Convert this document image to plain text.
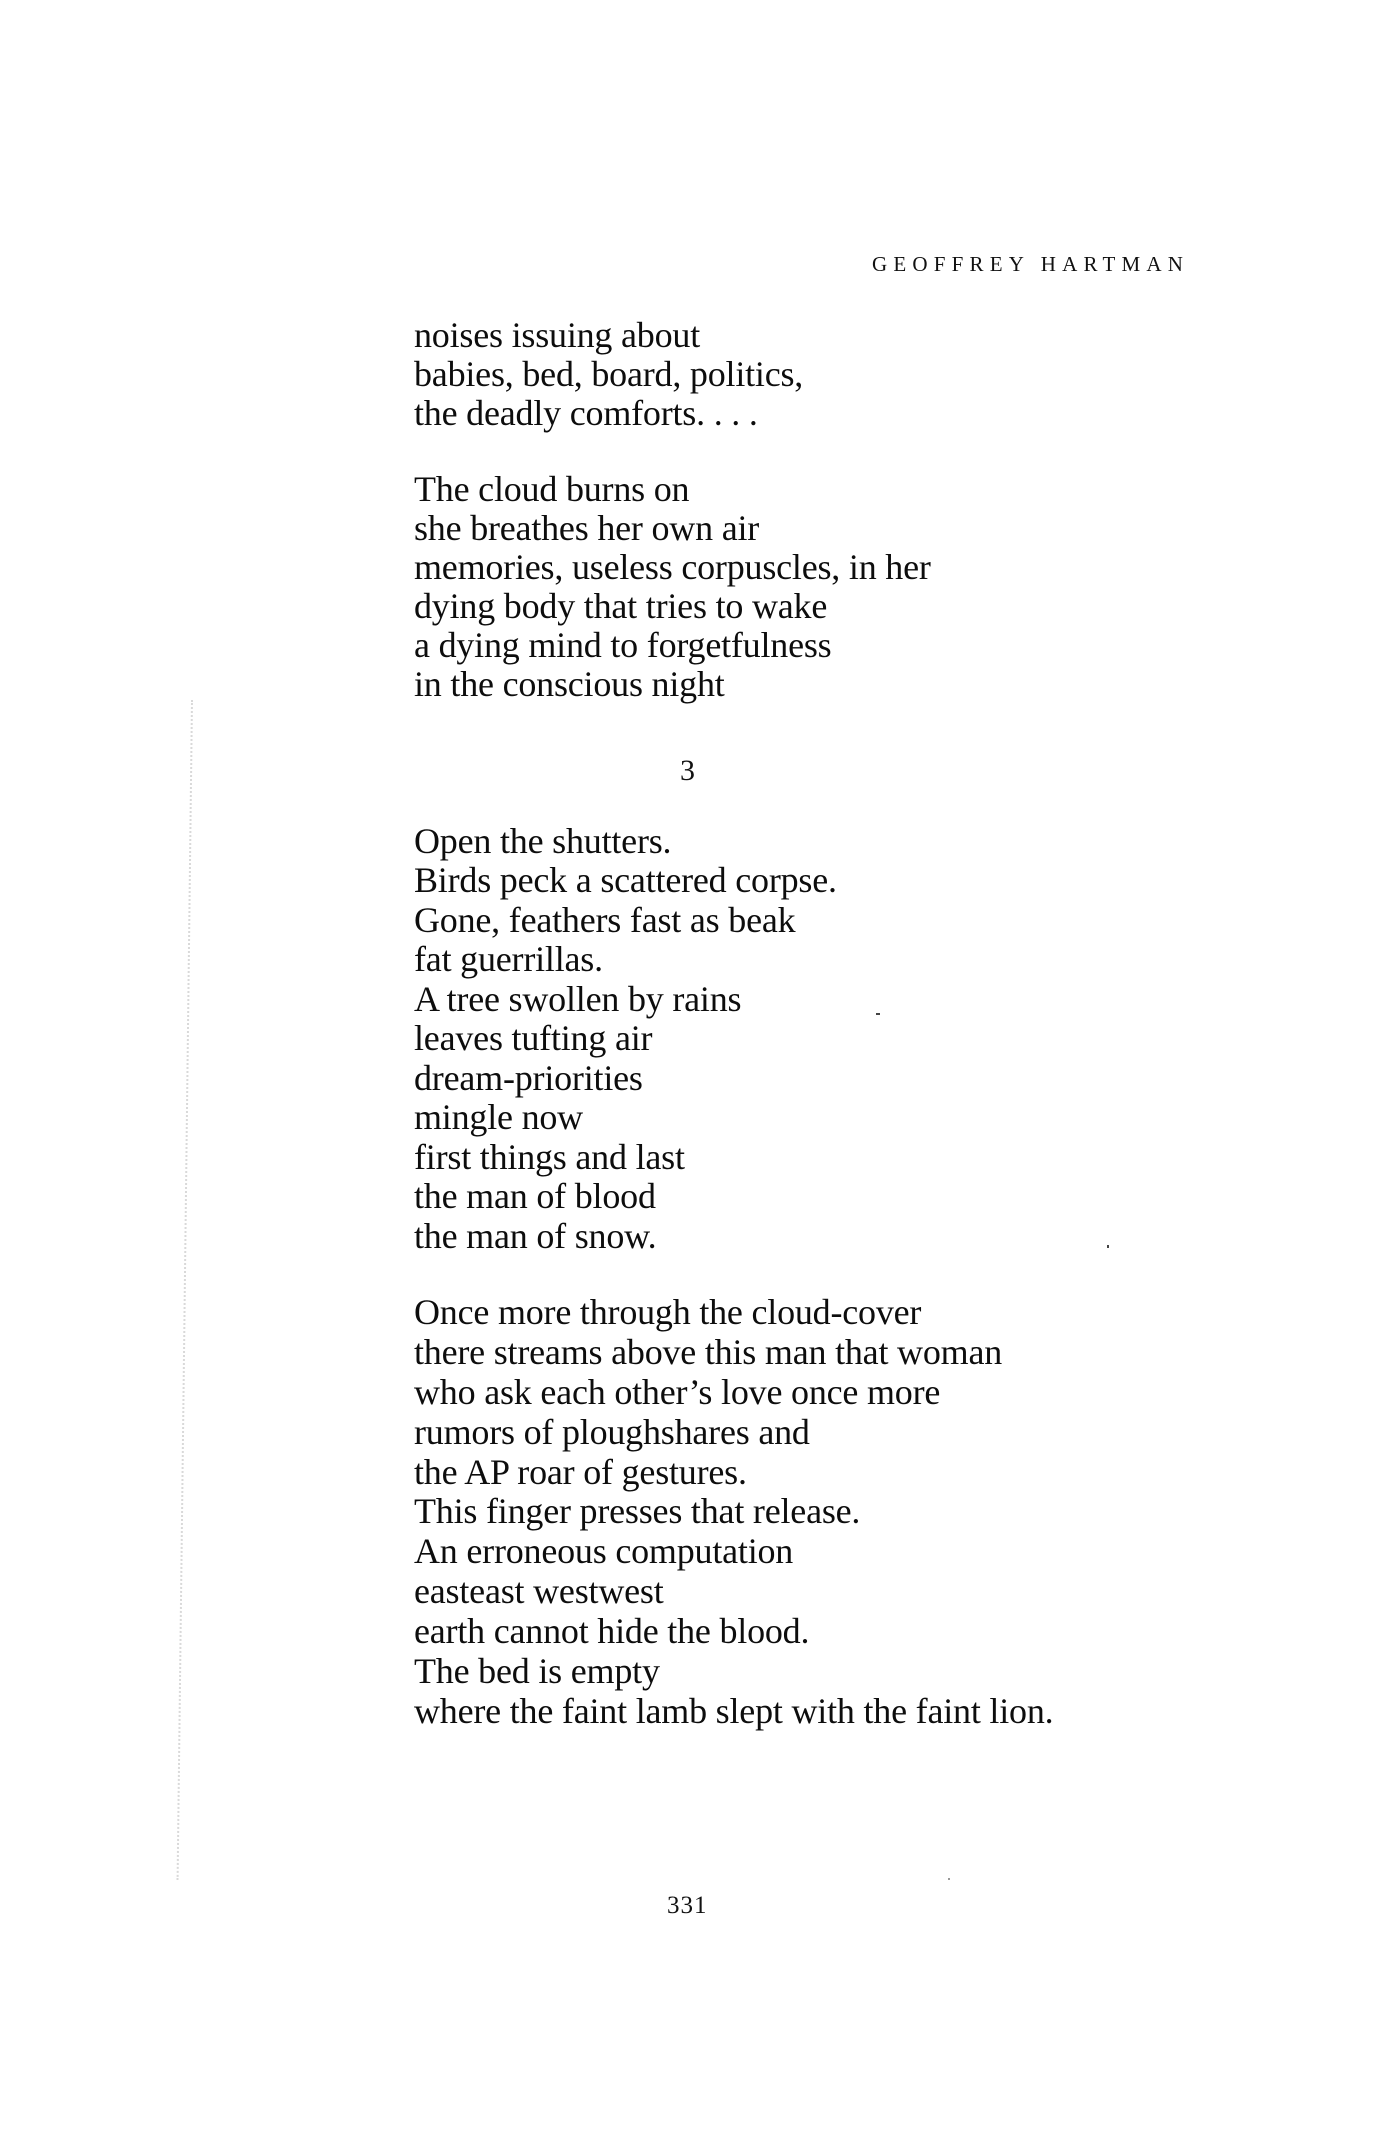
GEOFFREY HARTMAN
noises issuing about
babies, bed, board, politics,
the deadly comforts. . . .
The cloud burns on
she breathes her own air
memories, useless corpuscles, in her
dying body that tries to wake
a dying mind to forgetfulness
in the conscious night
Open the shutters.
Birds peck a scattered corpse.
Gone, feathers fast as beak
fat guerrillas.
A tree swollen by rains
leaves tufting air
dream-priorities
mingle now
first things and last
the man of blood
the man of snow.
Once more through the cloud-cover
there streams above this man that woman
who ask each other’s love once more
rumors of ploughshares and
the AP roar of gestures.
This finger presses that release.
An erroneous computation
easteast westwest
earth cannot hide the blood.
The bed is empty
where the faint lamb slept with the faint lion.
3
331
